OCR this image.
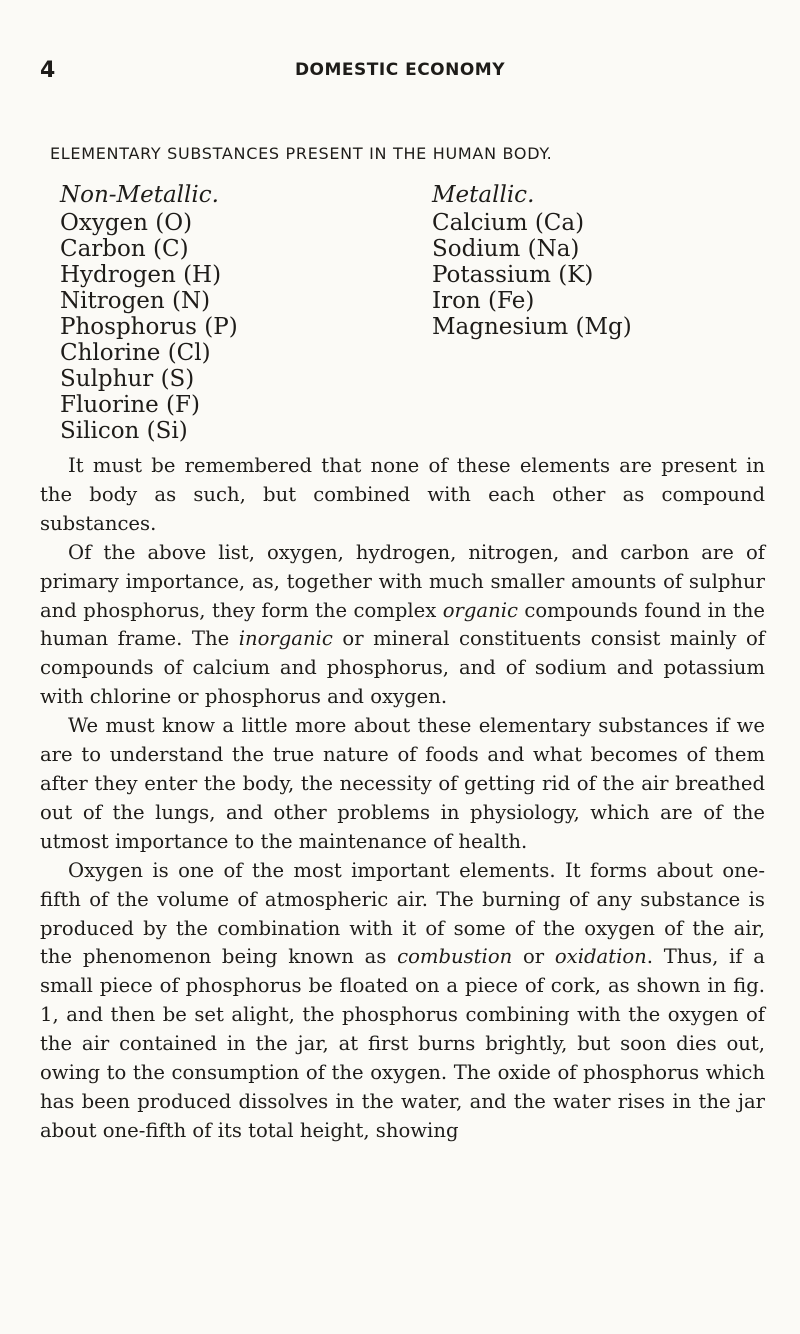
4	DOMESTIC ECONOMY
ELEMENTARY SUBSTANCES PRESENT IN THE HUMAN BODY.
Non-Metallic.
Oxygen (O)
Carbon (C)
Hydrogen (H)
Nitrogen (N)
Phosphorus (P)
Chlorine (Cl)
Sulphur (S)
Fluorine (F)
Silicon (Si)
Metallic.
Calcium (Ca)
Sodium (Na)
Potassium (K)
Iron (Fe)
Magnesium (Mg)

It must be remembered that none of these elements are present in the body as such, but combined with each other as compound substances.

Of the above list, oxygen, hydrogen, nitrogen, and carbon are of primary importance, as, together with much smaller amounts of sulphur and phosphorus, they form the complex organic compounds found in the human frame. The inorganic or mineral constituents consist mainly of compounds of calcium and phosphorus, and of sodium and potassium with chlorine or phosphorus and oxygen.

We must know a little more about these elementary substances if we are to understand the true nature of foods and what becomes of them after they enter the body, the necessity of getting rid of the air breathed out of the lungs, and other problems in physiology, which are of the utmost importance to the maintenance of health.

Oxygen is one of the most important elements. It forms about one-fifth of the volume of atmospheric air. The burning of any substance is produced by the combination with it of some of the oxygen of the air, the phenomenon being known as combustion or oxidation. Thus, if a small piece of phosphorus be floated on a piece of cork, as shown in fig. 1, and then be set alight, the phosphorus combining with the oxygen of the air contained in the jar, at first burns brightly, but soon dies out, owing to the consumption of the oxygen. The oxide of phosphorus which has been produced dissolves in the water, and the water rises in the jar about one-fifth of its total height, showing
